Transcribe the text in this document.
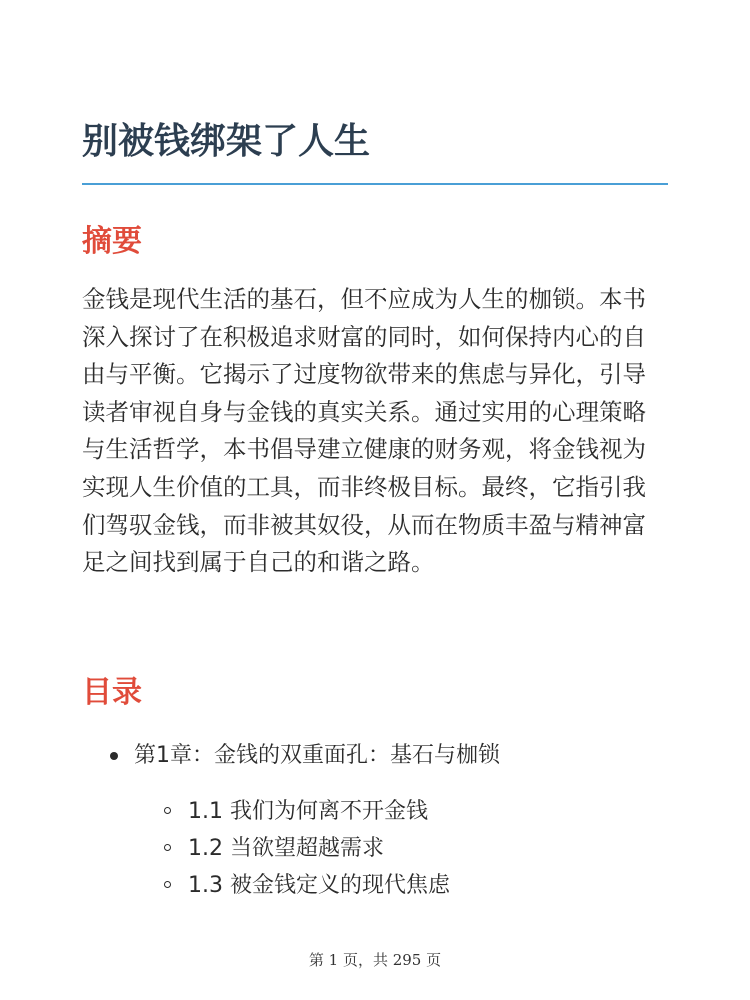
别被钱绑架了人生
摘要

金钱是现代生活的基石，但不应成为人生的枷锁。本书深入探讨了在积极追求财富的同时，如何保持内心的自由与平衡。它揭示了过度物欲带来的焦虑与异化，引导读者审视自身与金钱的真实关系。通过实用的心理策略与生活哲学，本书倡导建立健康的财务观，将金钱视为实现人生价值的工具，而非终极目标。最终，它指引我们驾驭金钱，而非被其奴役，从而在物质丰盈与精神富足之间找到属于自己的和谐之路。

目录
第1章：金钱的双重面孔：基石与枷锁
1.1 我们为何离不开金钱
1.2 当欲望超越需求
1.3 被金钱定义的现代焦虑
第 1 页，共 295 页
